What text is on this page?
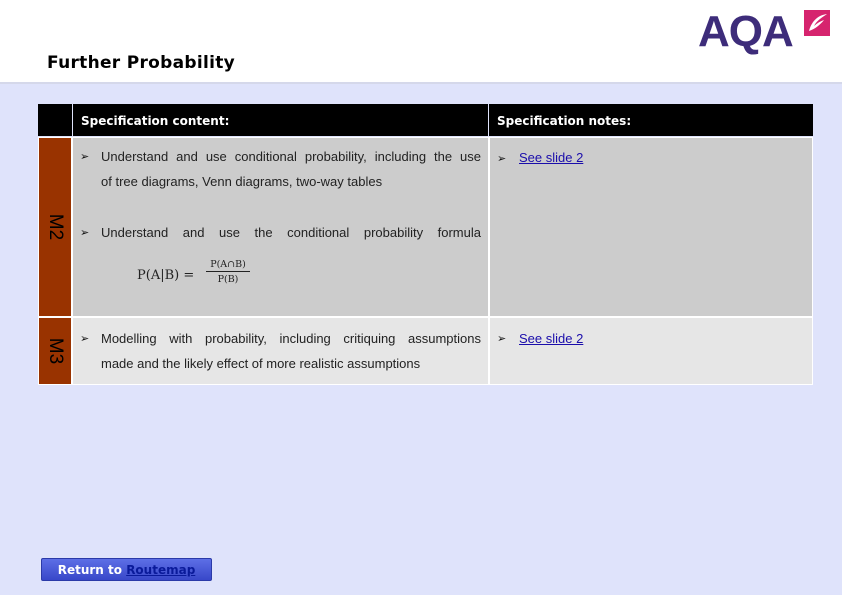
Further Probability
AQA
Specification content:	Specification notes:
M2
➢ Understand and use conditional probability, including the use
of tree diagrams, Venn diagrams, two-way tables
➢ Understand and use the conditional probability formula
$P(A|B) = \frac{P(A\cap B)}{P(B)}$
➢ See slide 2
M3 ➢ Modelling with probability, including critiquing assumptions
made and the likely effect of more realistic assumptions
➢ See slide 2
Return to Routemap
